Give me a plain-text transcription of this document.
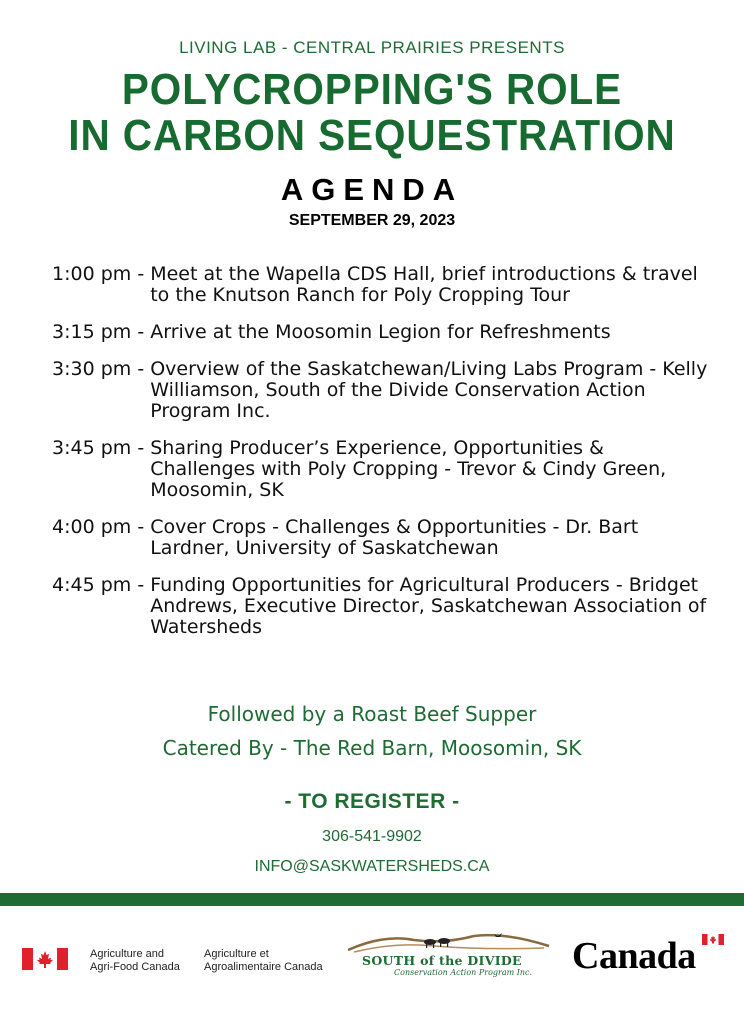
LIVING LAB - CENTRAL PRAIRIES PRESENTS
POLYCROPPING'S ROLE
IN CARBON SEQUESTRATION
AGENDA
SEPTEMBER 29, 2023
1:00 pm - Meet at the Wapella CDS Hall, brief introductions & travel to the Knutson Ranch for Poly Cropping Tour
3:15 pm - Arrive at the Moosomin Legion for Refreshments
3:30 pm - Overview of the Saskatchewan/Living Labs Program - Kelly Williamson, South of the Divide Conservation Action Program Inc.
3:45 pm - Sharing Producer’s Experience, Opportunities & Challenges with Poly Cropping - Trevor & Cindy Green, Moosomin, SK
4:00 pm - Cover Crops - Challenges & Opportunities - Dr. Bart Lardner, University of Saskatchewan
4:45 pm - Funding Opportunities for Agricultural Producers - Bridget Andrews, Executive Director, Saskatchewan Association of Watersheds
Followed by a Roast Beef Supper
Catered By - The Red Barn, Moosomin, SK
- TO REGISTER -
306-541-9902
INFO@SASKWATERSHEDS.CA
Agriculture and
Agri-Food Canada
Agriculture et
Agroalimentaire Canada	SOUTH of the DIVIDE
Conservation Action Program Inc. Canada
